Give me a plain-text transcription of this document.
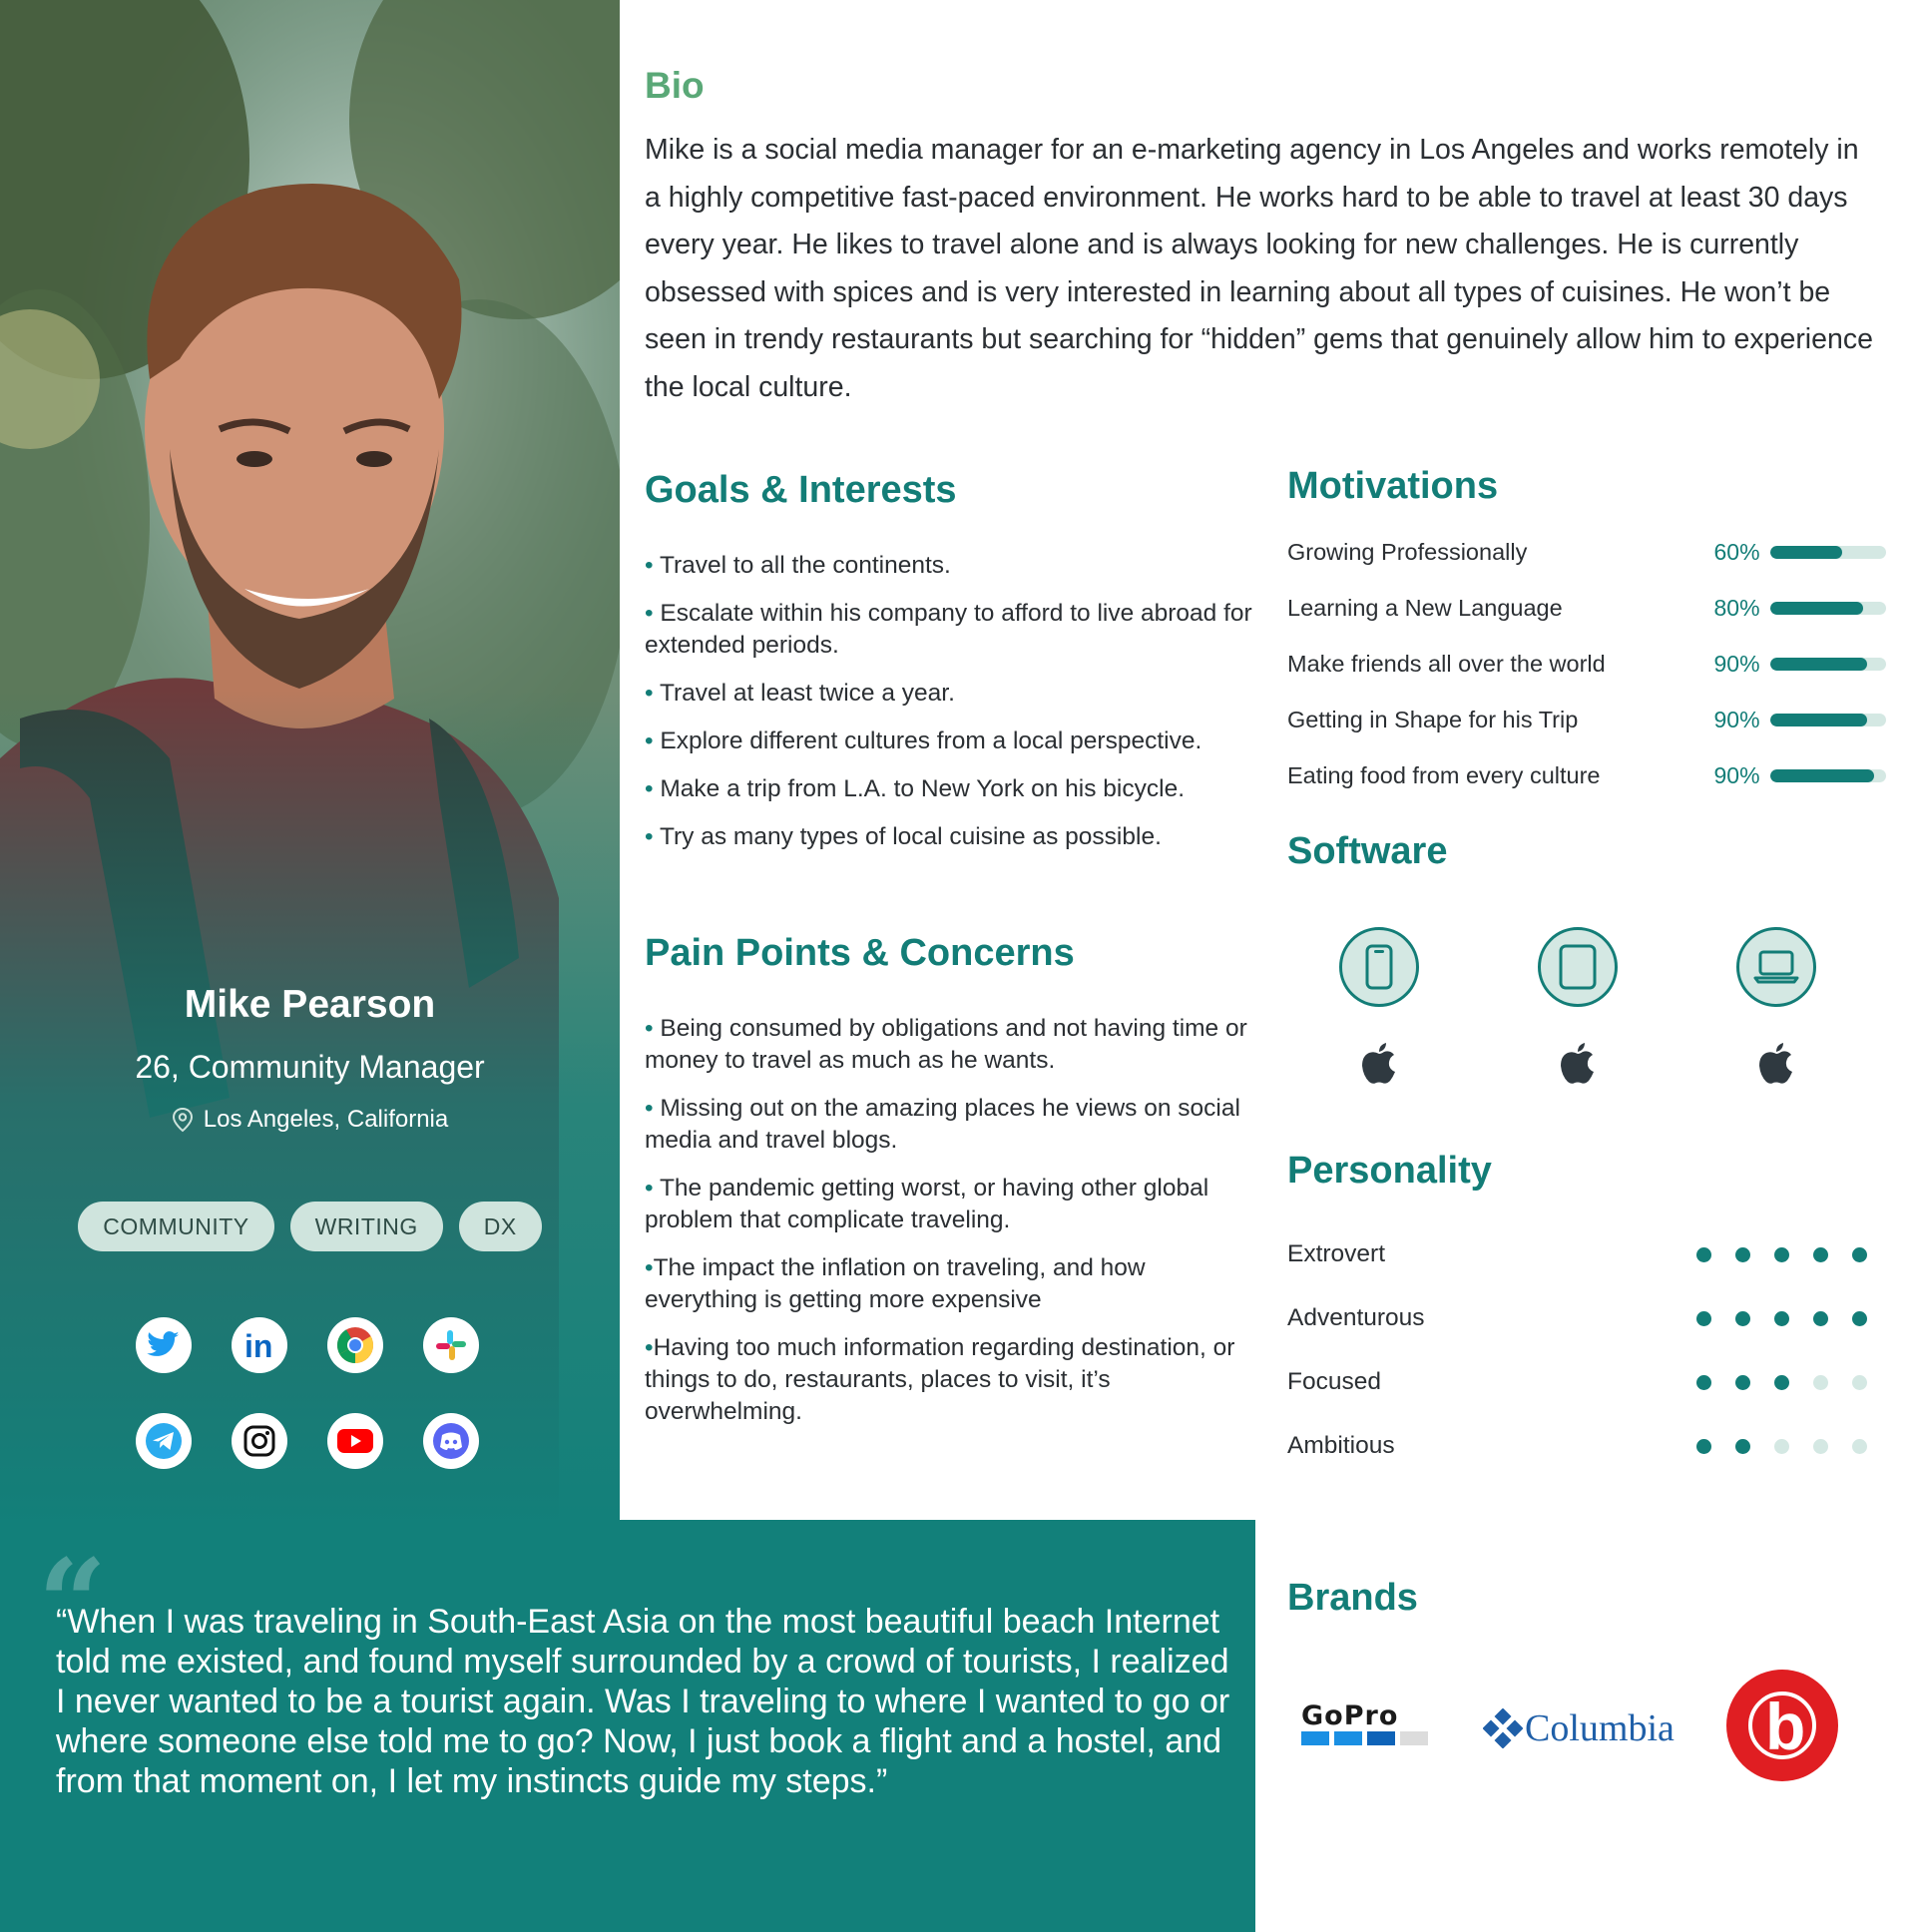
Mike Pearson

26, Community Manager
Los Angeles, California
COMMUNITY	WRITING	DX
in
Bio

Mike is a social media manager for an e-marketing agency in Los Angeles and works remotely in a highly competitive fast-paced environment. He works hard to be able to travel at least 30 days every year. He likes to travel alone and is always looking for new challenges. He is currently obsessed with spices and is very interested in learning about all types of cuisines. He won’t be seen in trendy restaurants but searching for “hidden” gems that genuinely allow him to experience the local culture.

Goals & Interests
• Travel to all the continents.
• Escalate within his company to afford to live abroad for extended periods.
• Travel at least twice a year.
• Explore different cultures from a local perspective.
• Make a trip from L.A. to New York on his bicycle.
• Try as many types of local cuisine as possible.
Pain Points & Concerns
• Being consumed by obligations and not having time or money to travel as much as he wants.
• Missing out on the amazing places he views on social media and travel blogs.
• The pandemic getting worst, or having other global problem that complicate traveling.
•The impact the inflation on traveling, and how everything is getting more expensive
•Having too much information regarding destination, or things to do, restaurants, places to visit, it’s overwhelming.
Motivations
Growing Professionally	60%
Learning a New Language	80%
Make friends all over the world	90%
Getting in Shape for his Trip	90%
Eating food from every culture	90%
Software
Personality
Extrovert
Adventurous
Focused
Ambitious
“

“When I was traveling in South-East Asia on the most beautiful beach Internet told me existed, and found myself surrounded by a crowd of tourists, I realized I never wanted to be a tourist again. Was I traveling to where I wanted to go or where someone else told me to go? Now, I just book a flight and a hostel, and from that moment on, I let my instincts guide my steps.”

Brands
GoPro	Columbia b
